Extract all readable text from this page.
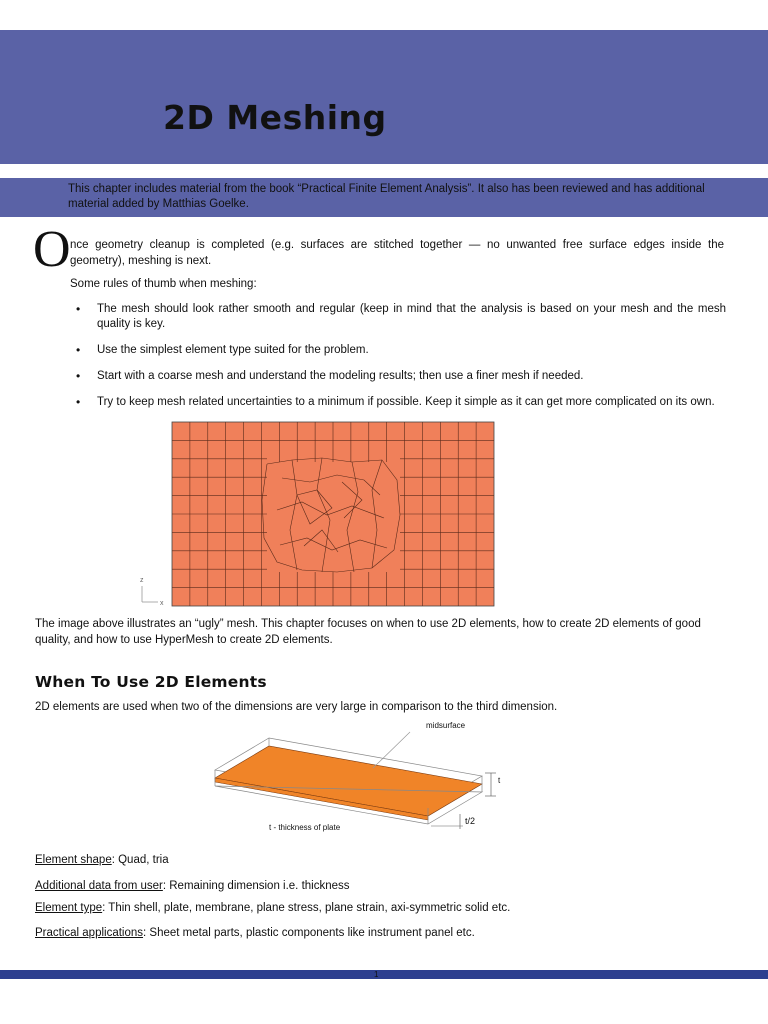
2D Meshing
This chapter includes material from the book “Practical Finite Element Analysis”. It also has been reviewed and has additional material added by Matthias Goelke.
O nce geometry cleanup is completed (e.g. surfaces are stitched together — no unwanted free surface edges inside the geometry), meshing is next.
Some rules of thumb when meshing:
• The mesh should look rather smooth and regular (keep in mind that the analysis is based on your mesh and the mesh quality is key.
• Use the simplest element type suited for the problem.
• Start with a coarse mesh and understand the modeling results; then use a finer mesh if needed.
• Try to keep mesh related uncertainties to a minimum if possible. Keep it simple as it can get more complicated on its own.
z
x
The image above illustrates an “ugly” mesh. This chapter focuses on when to use 2D elements, how to create 2D elements of good quality, and how to use HyperMesh to create 2D elements.
When To Use 2D Elements
2D elements are used when two of the dimensions are very large in comparison to the third dimension.
midsurface
t
t/2
t - thickness of plate
Element shape: Quad, tria
Additional data from user: Remaining dimension i.e. thickness
Element type: Thin shell, plate, membrane, plane stress, plane strain, axi-symmetric solid etc.
Practical applications: Sheet metal parts, plastic components like instrument panel etc.
1
